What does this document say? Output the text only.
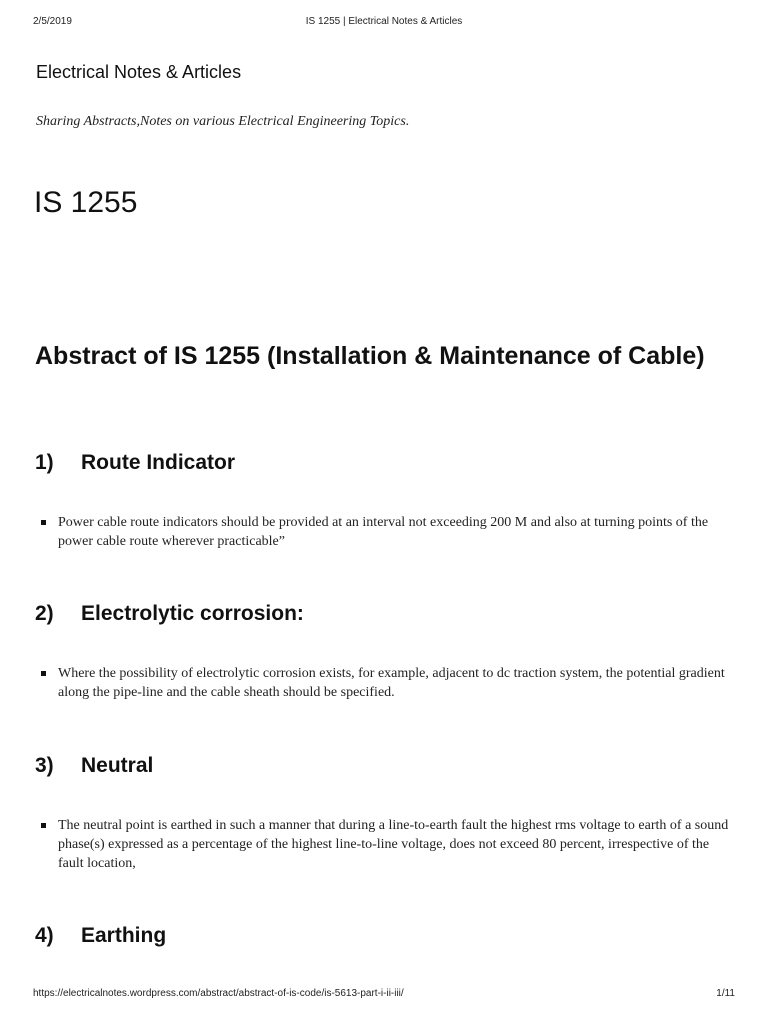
2/5/2019	IS 1255 | Electrical Notes & Articles
Electrical Notes & Articles
Sharing Abstracts,Notes on various Electrical Engineering Topics.
IS 1255
Abstract of IS 1255 (Installation & Maintenance of Cable)
1) Route Indicator
Power cable route indicators should be provided at an interval not exceeding 200 M and also at turning points of the power cable route wherever practicable”
2) Electrolytic corrosion:
Where the possibility of electrolytic corrosion exists, for example, adjacent to dc traction system, the potential gradient along the pipe-line and the cable sheath should be specified.
3) Neutral
The neutral point is earthed in such a manner that during a line-to-earth fault the highest rms voltage to earth of a sound phase(s) expressed as a percentage of the highest line-to-line voltage, does not exceed 80 percent, irrespective of the fault location,
4) Earthing
https://electricalnotes.wordpress.com/abstract/abstract-of-is-code/is-5613-part-i-ii-iii/	1/11
